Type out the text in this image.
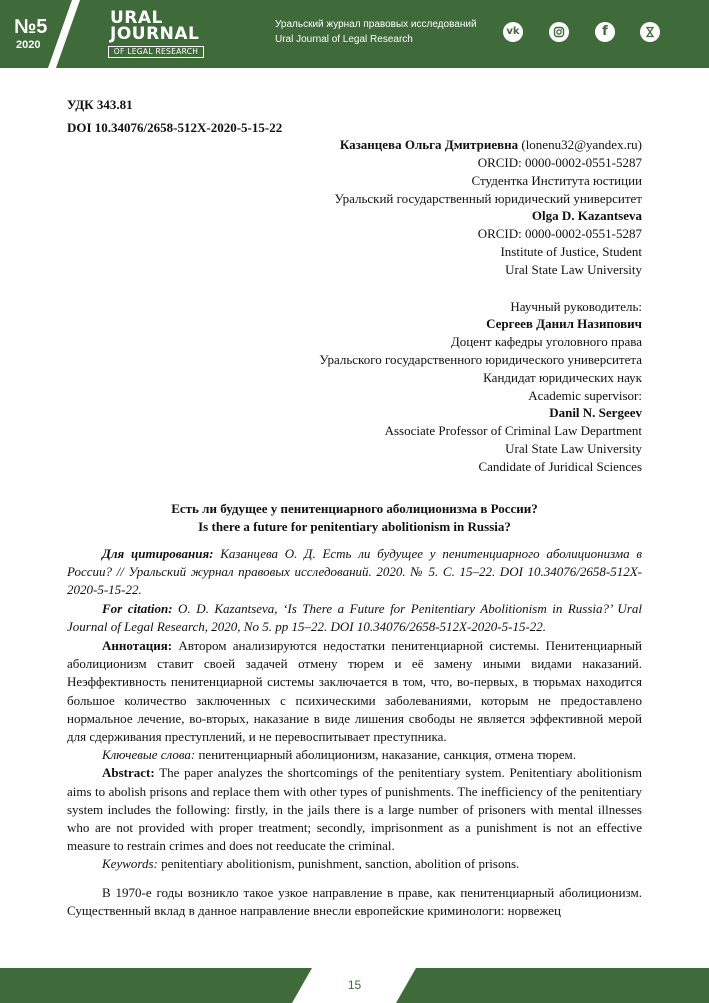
№5
2020
URAL
JOURNAL
OF LEGAL RESEARCH
Уральский журнал правовых исследований
Ural Journal of Legal Research
vk	f
УДК 343.81
DOI 10.34076/2658-512X-2020-5-15-22
Казанцева Ольга Дмитриевна (lonenu32@yandex.ru)
ORCID: 0000-0002-0551-5287
Студентка Института юстиции
Уральский государственный юридический университет
Olga D. Kazantseva
ORCID: 0000-0002-0551-5287
Institute of Justice, Student
Ural State Law University
Научный руководитель:
Сергеев Данил Назипович
Доцент кафедры уголовного права
Уральского государственного юридического университета
Кандидат юридических наук
Academic supervisor:
Danil N. Sergeev
Associate Professor of Criminal Law Department
Ural State Law University
Candidate of Juridical Sciences
Есть ли будущее у пенитенциарного аболиционизма в России?
Is there a future for penitentiary abolitionism in Russia?

Для цитирования: Казанцева О. Д. Есть ли будущее у пенитенциарного аболиционизма в России? // Уральский журнал правовых исследований. 2020. № 5. С. 15–22. DOI 10.34076/2658-512X-2020-5-15-22.

For citation: O. D. Kazantseva, ‘Is There a Future for Penitentiary Abolitionism in Russia?’ Ural Journal of Legal Research, 2020, No 5. pp 15–22. DOI 10.34076/2658-512X-2020-5-15-22.

Аннотация: Автором анализируются недостатки пенитенциарной системы. Пенитенциарный аболиционизм ставит своей задачей отмену тюрем и её замену иными видами наказаний. Неэффективность пенитенциарной системы заключается в том, что, во-первых, в тюрьмах находится большое количество заключенных с психическими заболеваниями, которым не предоставлено нормальное лечение, во-вторых, наказание в виде лишения свободы не является эффективной мерой для сдерживания преступлений, и не перевоспитывает преступника.

Ключевые слова: пенитенциарный аболиционизм, наказание, санкция, отмена тюрем.

Abstract: The paper analyzes the shortcomings of the penitentiary system. Penitentiary abolitionism aims to abolish prisons and replace them with other types of punishments. The inefficiency of the penitentiary system includes the following: firstly, in the jails there is a large number of prisoners with mental illnesses who are not provided with proper treatment; secondly, imprisonment as a punishment is not an effective measure to restrain crimes and does not reeducate the criminal.

Keywords: penitentiary abolitionism, punishment, sanction, abolition of prisons.

В 1970-е годы возникло такое узкое направление в праве, как пенитенциарный аболиционизм. Существенный вклад в данное направление внесли европейские криминологи: норвежец

15
